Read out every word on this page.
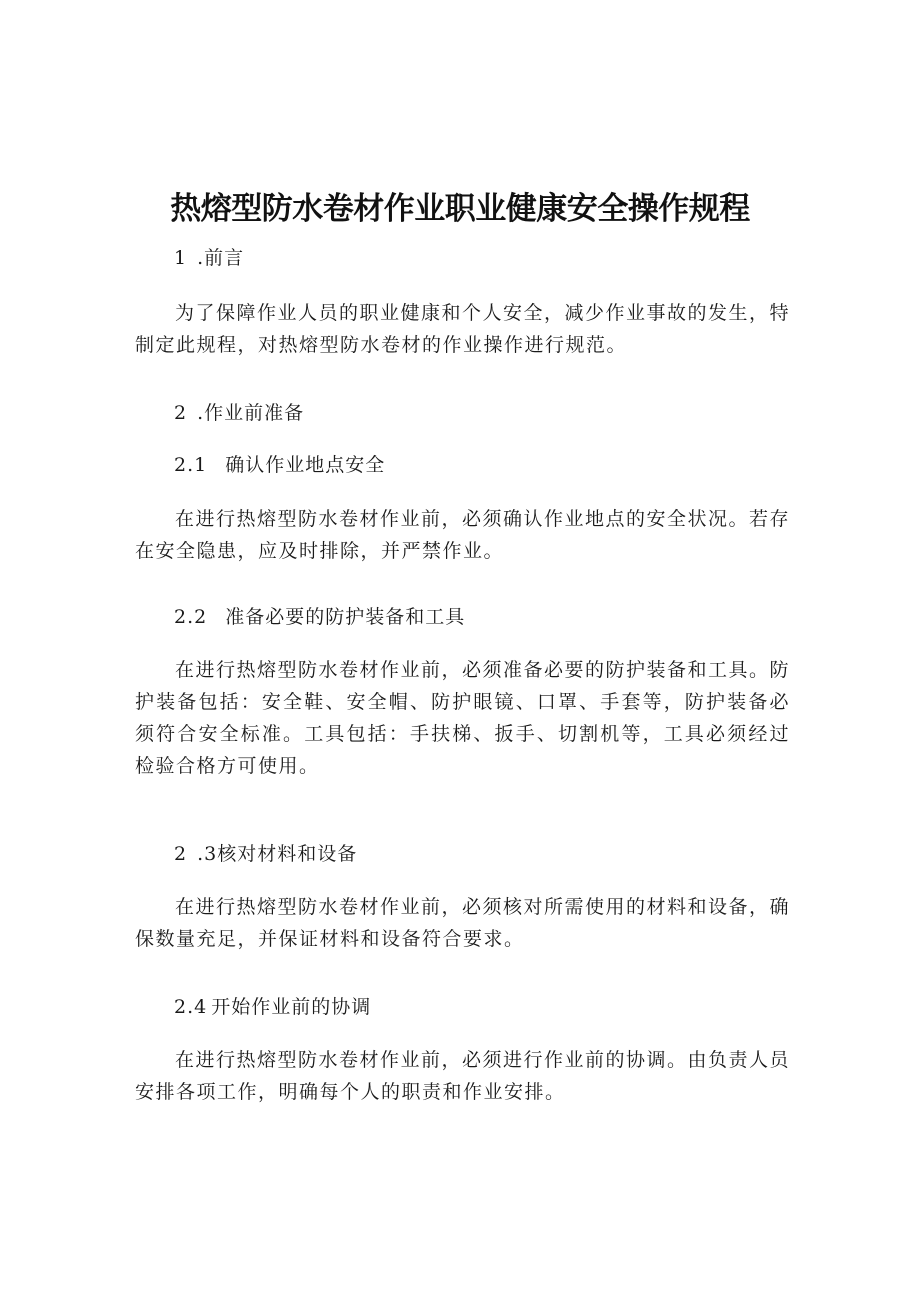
热熔型防水卷材作业职业健康安全操作规程
1 .前言
为了保障作业人员的职业健康和个人安全，减少作业事故的发生，特制定此规程，对热熔型防水卷材的作业操作进行规范。
2 .作业前准备
2.1 确认作业地点安全
在进行热熔型防水卷材作业前，必须确认作业地点的安全状况。若存在安全隐患，应及时排除，并严禁作业。
2.2 准备必要的防护装备和工具
在进行热熔型防水卷材作业前，必须准备必要的防护装备和工具。防护装备包括：安全鞋、安全帽、防护眼镜、口罩、手套等，防护装备必须符合安全标准。工具包括：手扶梯、扳手、切割机等，工具必须经过检验合格方可使用。
2 .3核对材料和设备
在进行热熔型防水卷材作业前，必须核对所需使用的材料和设备，确保数量充足，并保证材料和设备符合要求。
2.4 开始作业前的协调
在进行热熔型防水卷材作业前，必须进行作业前的协调。由负责人员安排各项工作，明确每个人的职责和作业安排。
